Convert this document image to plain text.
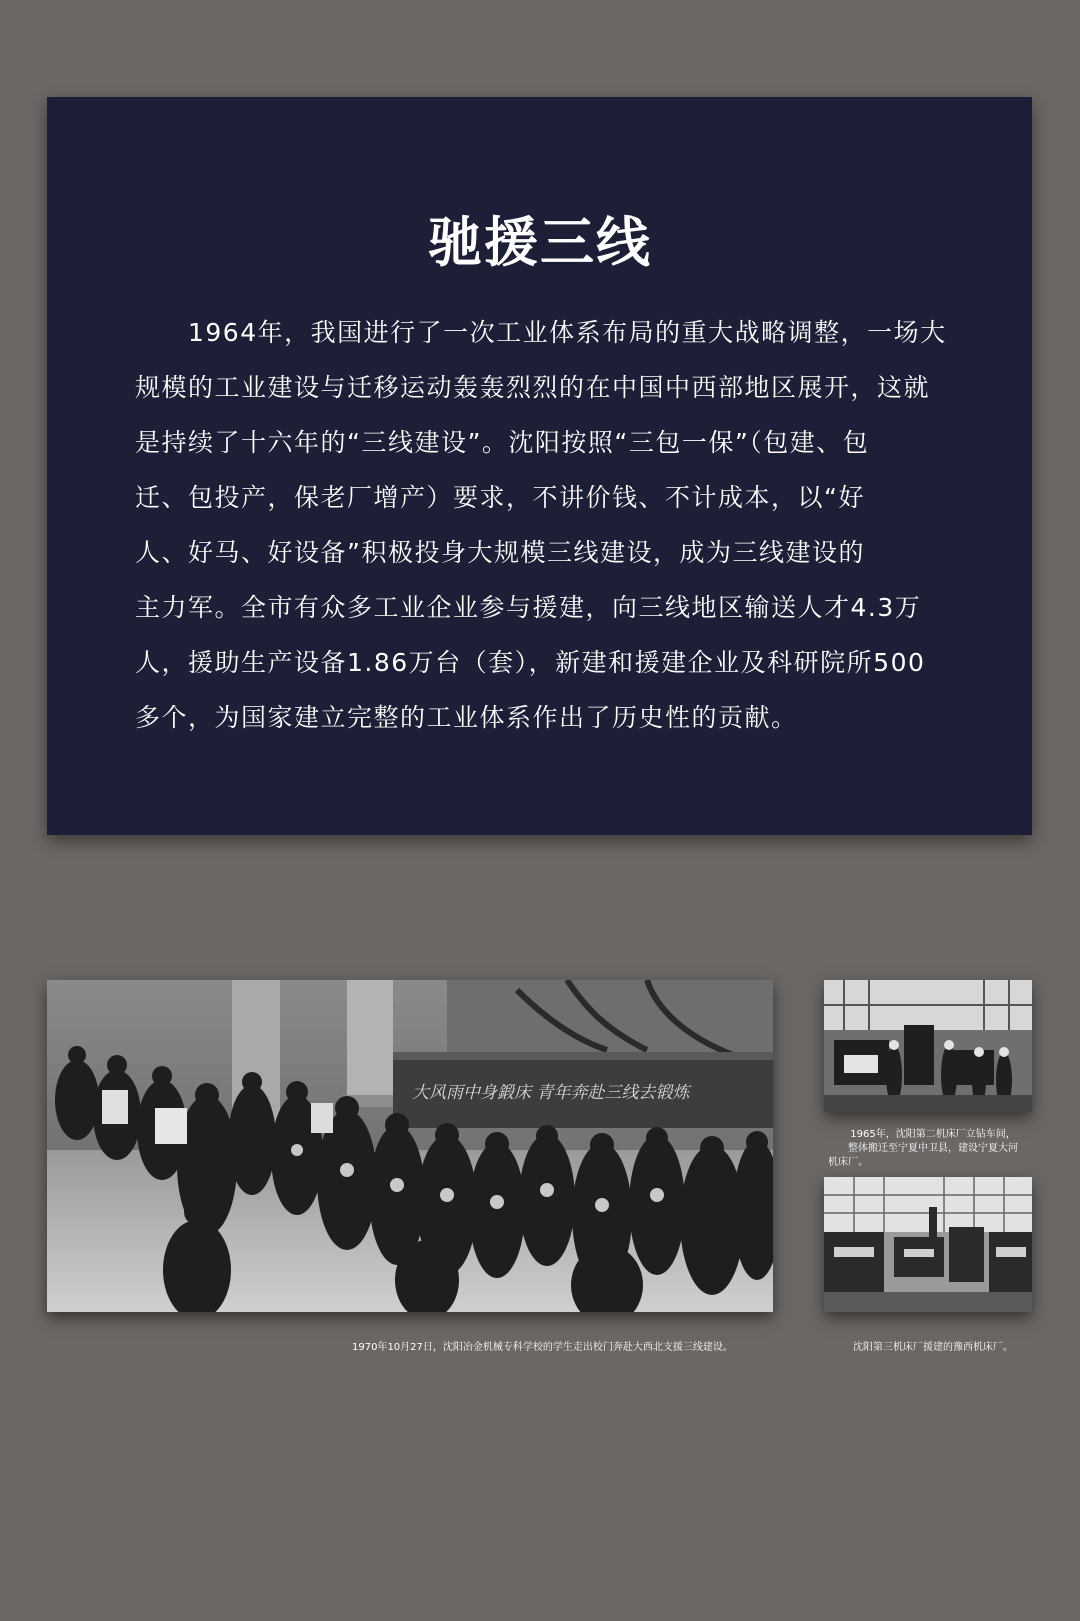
驰援三线

1964年，我国进行了一次工业体系布局的重大战略调整，一场大
规模的工业建设与迁移运动轰轰烈烈的在中国中西部地区展开，这就
是持续了十六年的“三线建设”。沈阳按照“三包一保”（包建、包
迁、包投产，保老厂增产）要求，不讲价钱、不计成本，以“好
人、好马、好设备”积极投身大规模三线建设，成为三线建设的
主力军。全市有众多工业企业参与援建，向三线地区输送人才4.3万
人，援助生产设备1.86万台（套），新建和援建企业及科研院所500
多个，为国家建立完整的工业体系作出了历史性的贡献。

大风雨中身鍛床 青年奔赴三线去锻炼
1970年10月27日，沈阳冶金机械专科学校的学生走出校门奔赴大西北支援三线建设。
1965年，沈阳第二机床厂立钻车间，
整体搬迁至宁夏中卫县，建设宁夏大河
机床厂。
沈阳第三机床厂援建的豫西机床厂。
